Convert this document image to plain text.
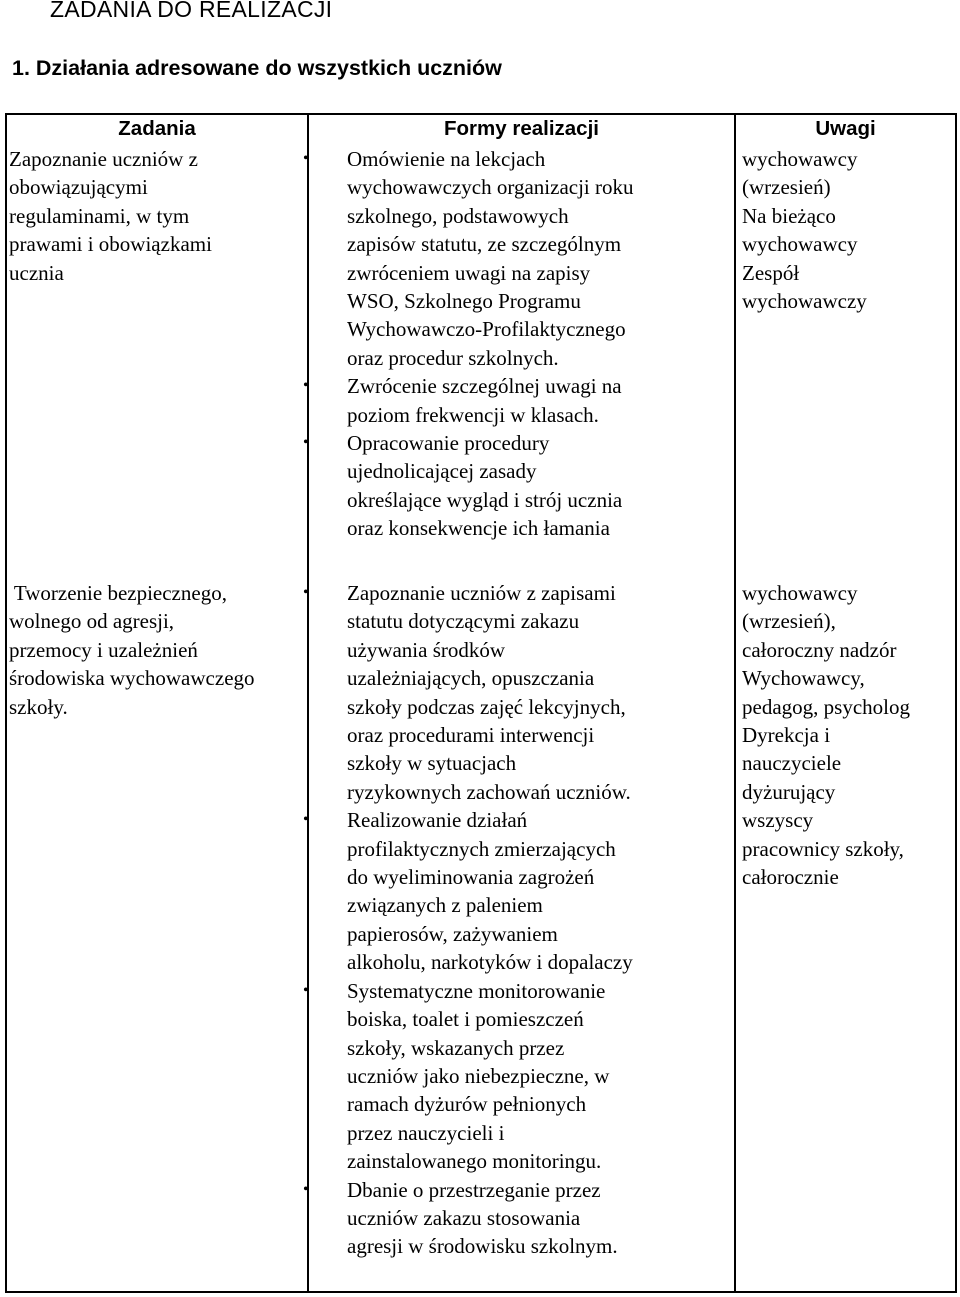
ZADANIA DO REALIZACJI
1. Działania adresowane do wszystkich uczniów
Zadania	Formy realizacji	Uwagi
Zapoznanie uczniów z
obowiązującymi
regulaminami, w tym
prawami i obowiązkami
ucznia
• Omówienie na lekcjach
wychowawczych organizacji roku
szkolnego, podstawowych
zapisów statutu, ze szczególnym
zwróceniem uwagi na zapisy
WSO, Szkolnego Programu
Wychowawczo-Profilaktycznego
oraz procedur szkolnych.
• Zwrócenie szczególnej uwagi na
poziom frekwencji w klasach.
• Opracowanie procedury
ujednolicającej zasady
określające wygląd i strój ucznia
oraz konsekwencje ich łamania
wychowawcy
(wrzesień)
Na bieżąco
wychowawcy
Zespół
wychowawczy
Tworzenie bezpiecznego,
wolnego od agresji,
przemocy i uzależnień
środowiska wychowawczego
szkoły.
• Zapoznanie uczniów z zapisami
statutu dotyczącymi zakazu
używania środków
uzależniających, opuszczania
szkoły podczas zajęć lekcyjnych,
oraz procedurami interwencji
szkoły w sytuacjach
ryzykownych zachowań uczniów.
• Realizowanie działań
profilaktycznych zmierzających
do wyeliminowania zagrożeń
związanych z paleniem
papierosów, zażywaniem
alkoholu, narkotyków i dopalaczy
• Systematyczne monitorowanie
boiska, toalet i pomieszczeń
szkoły, wskazanych przez
uczniów jako niebezpieczne, w
ramach dyżurów pełnionych
przez nauczycieli i
zainstalowanego monitoringu.
• Dbanie o przestrzeganie przez
uczniów zakazu stosowania
agresji w środowisku szkolnym.
wychowawcy
(wrzesień),
całoroczny nadzór
Wychowawcy,
pedagog, psycholog
Dyrekcja i
nauczyciele
dyżurujący
wszyscy
pracownicy szkoły,
całorocznie
